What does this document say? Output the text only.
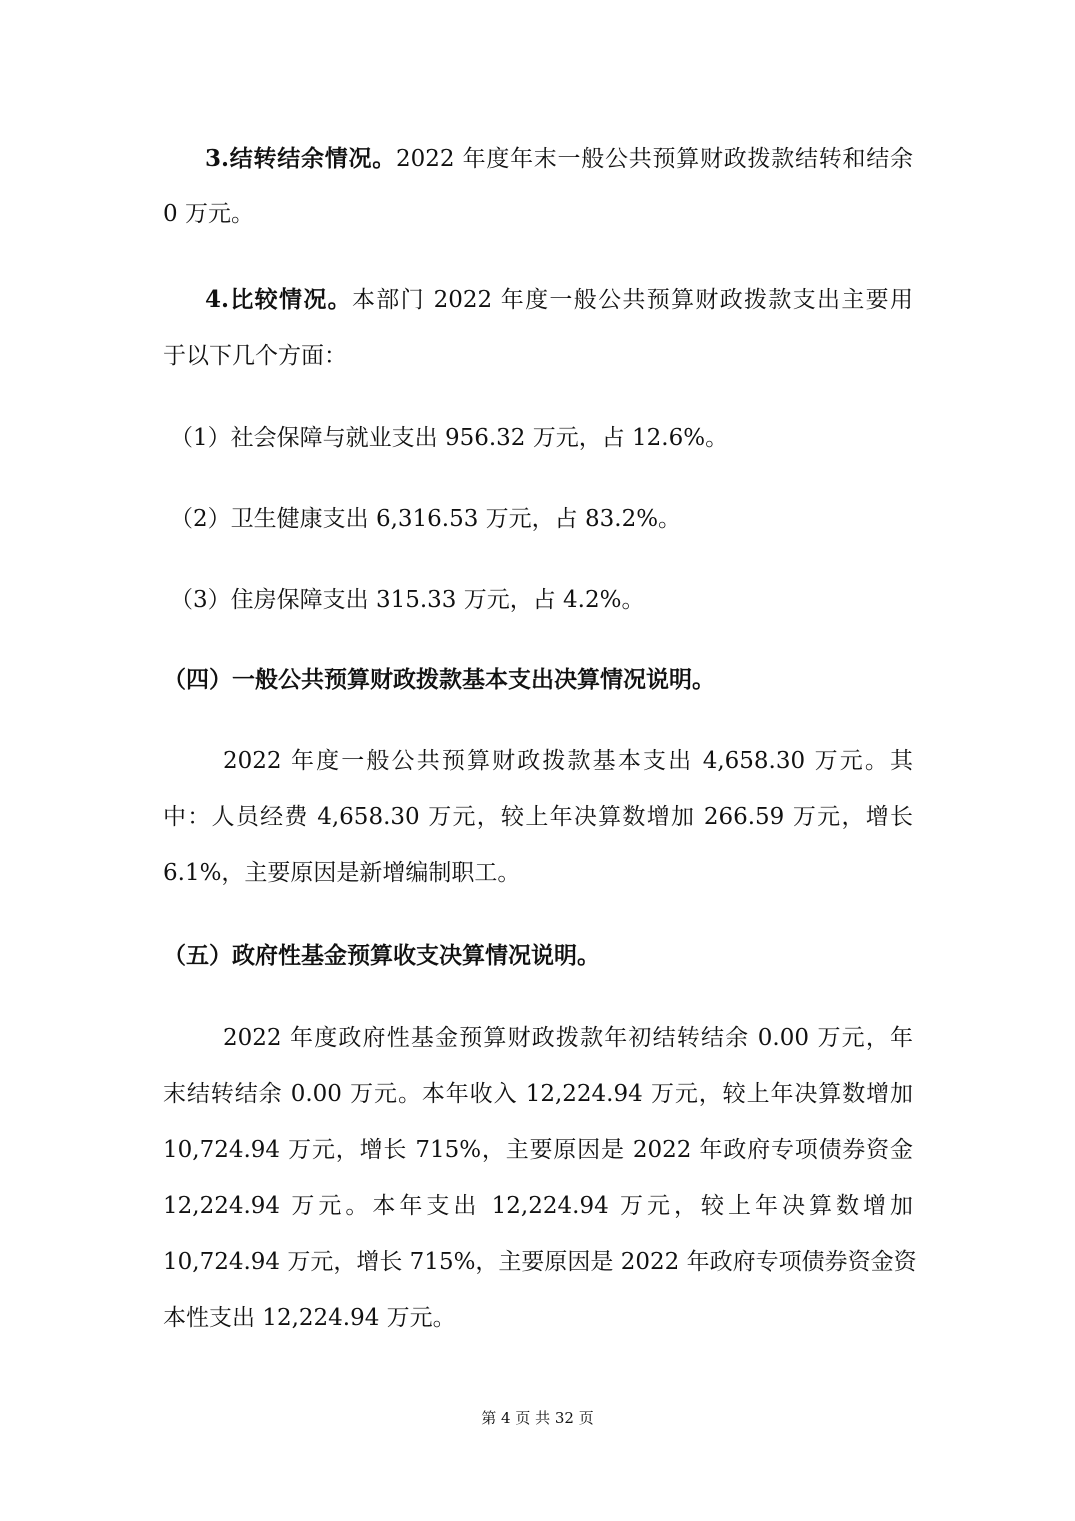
3.结转结余情况。2022 年度年末一般公共预算财政拨款结转和结余
0 万元。
4.比较情况。本部门 2022 年度一般公共预算财政拨款支出主要用
于以下几个方面：
（1）社会保障与就业支出 956.32 万元，占 12.6%。
（2）卫生健康支出 6,316.53 万元，占 83.2%。
（3）住房保障支出 315.33 万元，占 4.2%。
（四）一般公共预算财政拨款基本支出决算情况说明。
2022 年度一般公共预算财政拨款基本支出 4,658.30 万元。其
中：人员经费 4,658.30 万元，较上年决算数增加 266.59 万元，增长
6.1%，主要原因是新增编制职工。
（五）政府性基金预算收支决算情况说明。
2022 年度政府性基金预算财政拨款年初结转结余 0.00 万元，年
末结转结余 0.00 万元。本年收入 12,224.94 万元，较上年决算数增加
10,724.94 万元，增长 715%，主要原因是 2022 年政府专项债券资金
12,224.94 万元。本年支出 12,224.94 万元，较上年决算数增加
10,724.94 万元，增长 715%，主要原因是 2022 年政府专项债券资金资
本性支出 12,224.94 万元。
第 4 页 共 32 页
